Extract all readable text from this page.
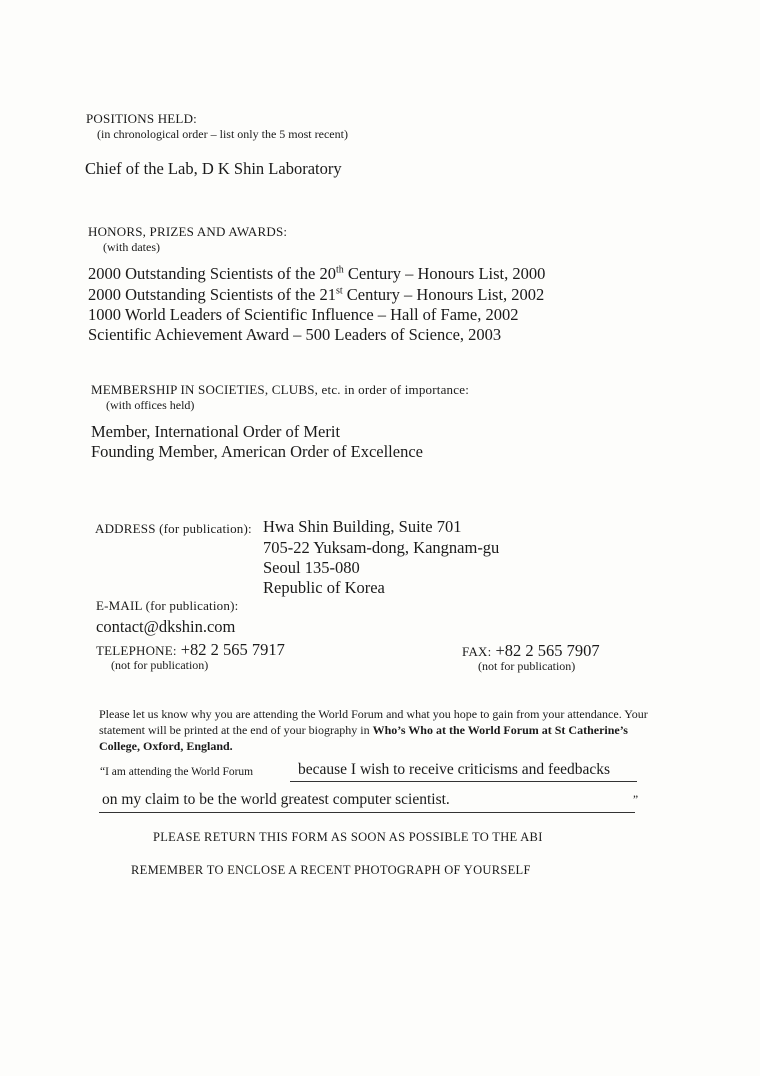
POSITIONS HELD:
(in chronological order – list only the 5 most recent)
Chief of the Lab, D K Shin Laboratory
HONORS, PRIZES AND AWARDS:
(with dates)
2000 Outstanding Scientists of the 20th Century – Honours List, 2000
2000 Outstanding Scientists of the 21st Century – Honours List, 2002
1000 World Leaders of Scientific Influence – Hall of Fame, 2002
Scientific Achievement Award – 500 Leaders of Science, 2003
MEMBERSHIP IN SOCIETIES, CLUBS, etc. in order of importance:
(with offices held)
Member, International Order of Merit
Founding Member, American Order of Excellence
ADDRESS (for publication): Hwa Shin Building, Suite 701
705-22 Yuksam-dong, Kangnam-gu
Seoul 135-080
Republic of Korea
E-MAIL (for publication):
contact@dkshin.com
TELEPHONE: +82 2 565 7917
(not for publication)
FAX: +82 2 565 7907
(not for publication)
Please let us know why you are attending the World Forum and what you hope to gain from your attendance. Your statement will be printed at the end of your biography in Who’s Who at the World Forum at St Catherine’s College, Oxford, England.
“I am attending the World Forum	because I wish to receive criticisms and feedbacks
on my claim to be the world greatest computer scientist.	”
PLEASE RETURN THIS FORM AS SOON AS POSSIBLE TO THE ABI
REMEMBER TO ENCLOSE A RECENT PHOTOGRAPH OF YOURSELF
